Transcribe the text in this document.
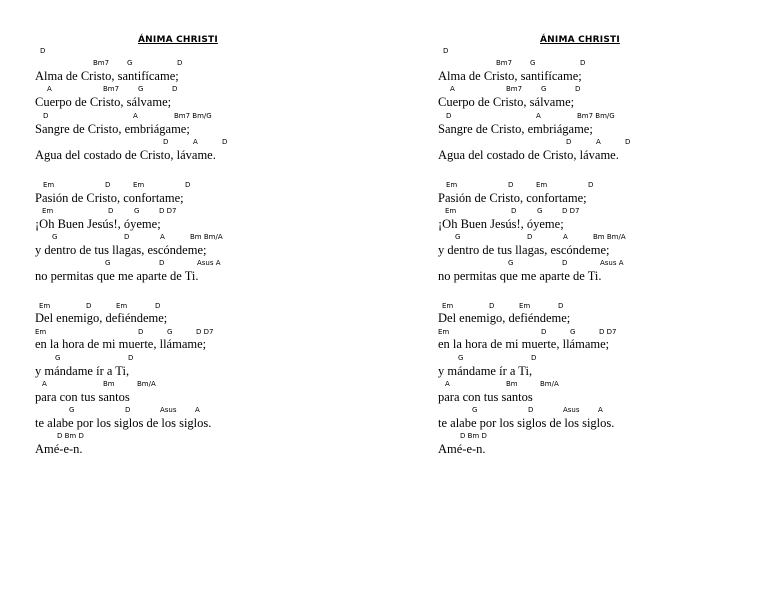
ÁNIMA CHRISTI
D
Bm7	G	D
Alma de Cristo, santifícame;
A	Bm7	G	D
Cuerpo de Cristo, sálvame;
D	A	Bm7 Bm/G
Sangre de Cristo, embriágame;
D	A	D
Agua del costado de Cristo, lávame.
Em	D	Em	D
Pasión de Cristo, confortame;
Em	D	G	D D7
¡Oh Buen Jesús!, óyeme;
G	D	A	Bm Bm/A
y dentro de tus llagas, escóndeme;
G	D	Asus A
no permitas que me aparte de Ti.
Em	D	Em	D
Del enemigo, defiéndeme;
Em	D	G	D D7
en la hora de mi muerte, llámame;
G	D
y mándame ír a Ti,
A	Bm	Bm/A
para con tus santos
G	D	Asus	A
te alabe por los siglos de los siglos.
D Bm D
Amé-e-n.
ÁNIMA CHRISTI
D
Bm7	G	D
Alma de Cristo, santifícame;
A	Bm7	G	D
Cuerpo de Cristo, sálvame;
D	A	Bm7 Bm/G
Sangre de Cristo, embriágame;
D	A	D
Agua del costado de Cristo, lávame.
Em	D	Em	D
Pasión de Cristo, confortame;
Em	D	G	D D7
¡Oh Buen Jesús!, óyeme;
G	D	A	Bm Bm/A
y dentro de tus llagas, escóndeme;
G	D	Asus A
no permitas que me aparte de Ti.
Em	D	Em	D
Del enemigo, defiéndeme;
Em	D	G	D D7
en la hora de mi muerte, llámame;
G	D
y mándame ír a Ti,
A	Bm	Bm/A
para con tus santos
G	D	Asus	A
te alabe por los siglos de los siglos.
D Bm D
Amé-e-n.
